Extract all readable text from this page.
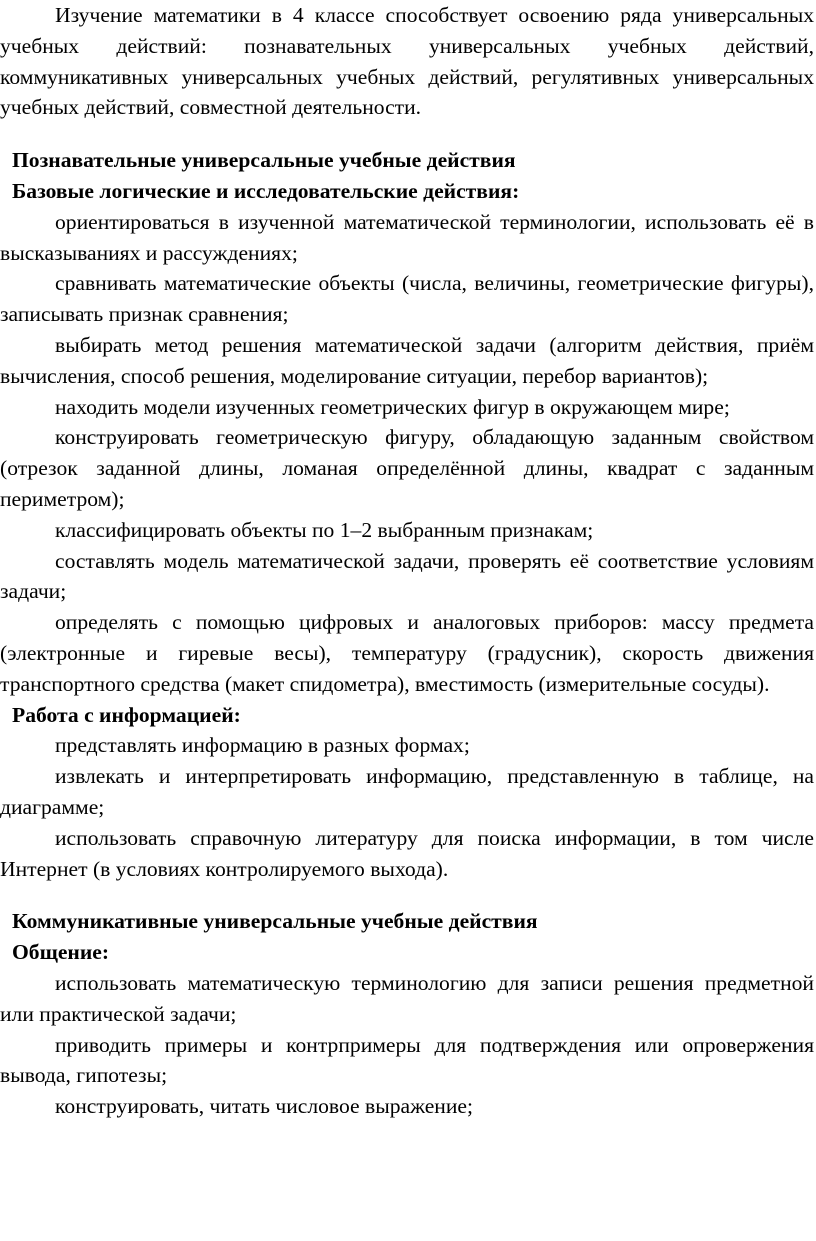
Изучение математики в 4 классе способствует освоению ряда универсальных учебных действий: познавательных универсальных учебных действий, коммуникативных универсальных учебных действий, регулятивных универсальных учебных действий, совместной деятельности.

Познавательные универсальные учебные действия

Базовые логические и исследовательские действия:

ориентироваться в изученной математической терминологии, использовать её в высказываниях и рассуждениях;

сравнивать математические объекты (числа, величины, геометрические фигуры), записывать признак сравнения;

выбирать метод решения математической задачи (алгоритм действия, приём вычисления, способ решения, моделирование ситуации, перебор вариантов);

находить модели изученных геометрических фигур в окружающем мире;

конструировать геометрическую фигуру, обладающую заданным свойством (отрезок заданной длины, ломаная определённой длины, квадрат с заданным периметром);

классифицировать объекты по 1–2 выбранным признакам;

составлять модель математической задачи, проверять её соответствие условиям задачи;

определять с помощью цифровых и аналоговых приборов: массу предмета (электронные и гиревые весы), температуру (градусник), скорость движения транспортного средства (макет спидометра), вместимость (измерительные сосуды).

Работа с информацией:

представлять информацию в разных формах;

извлекать и интерпретировать информацию, представленную в таблице, на диаграмме;

использовать справочную литературу для поиска информации, в том числе Интернет (в условиях контролируемого выхода).

Коммуникативные универсальные учебные действия

Общение:

использовать математическую терминологию для записи решения предметной или практической задачи;

приводить примеры и контрпримеры для подтверждения или опровержения вывода, гипотезы;

конструировать, читать числовое выражение;
